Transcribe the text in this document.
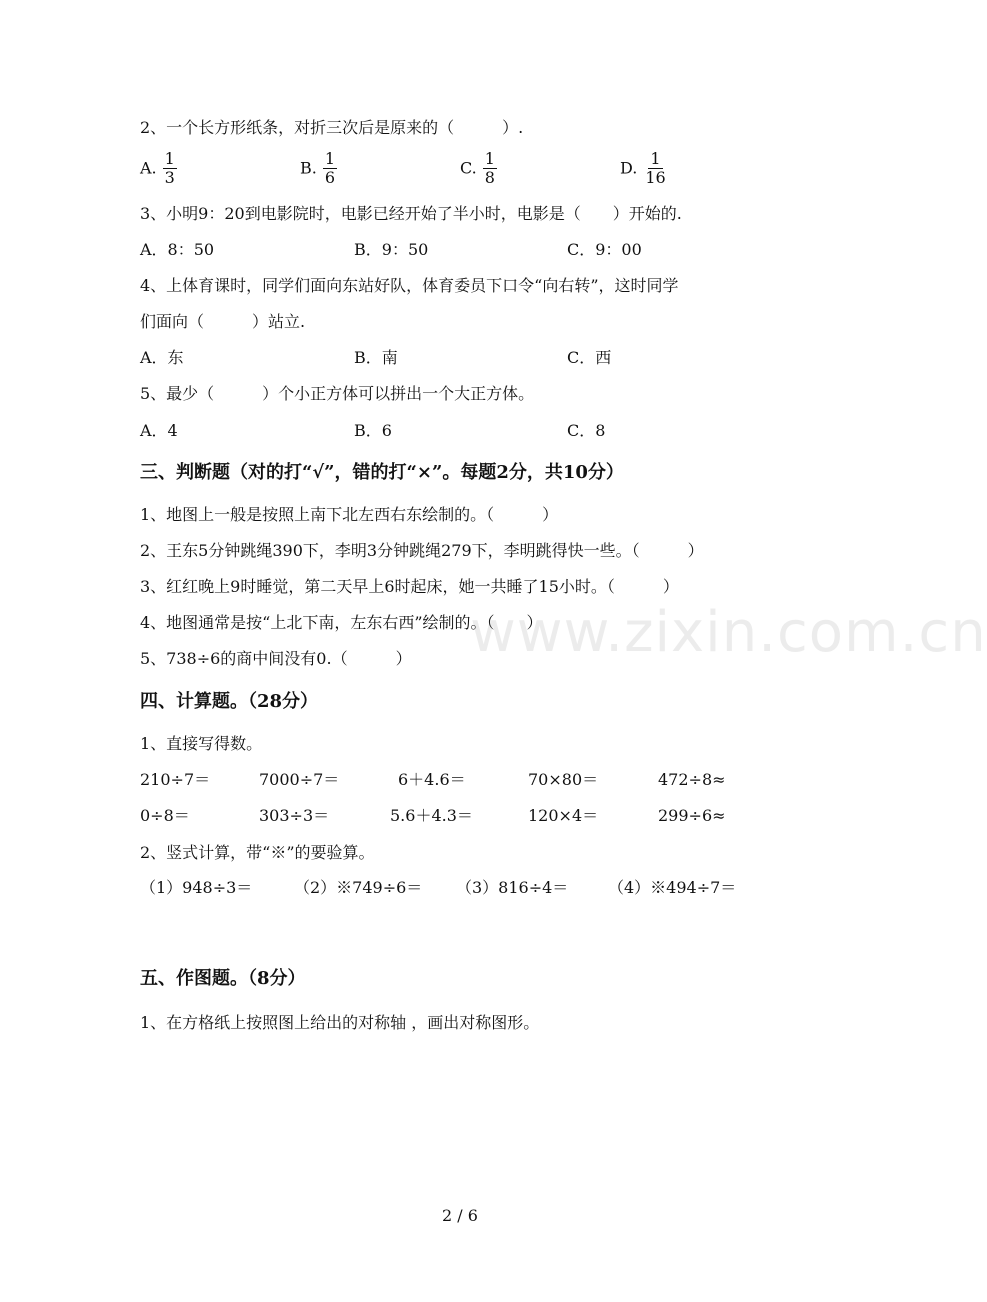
2、一个长方形纸条，对折三次后是原来的（　　　）.
A. $\frac{1}{3}$	B. $\frac{1}{6}$	C. $\frac{1}{8}$	D. $\frac{1}{16}$
3、小明9：20到电影院时，电影已经开始了半小时，电影是（　　）开始的.
A．8：50	B．9：50	C．9：00
4、上体育课时，同学们面向东站好队，体育委员下口令“向右转”，这时同学
们面向（　　　）站立.
A．东	B．南	C．西
5、最少（　　　）个小正方体可以拼出一个大正方体。
A．4	B．6	C．8
三、判断题（对的打“√”，错的打“×”。每题2分，共10分）
1、地图上一般是按照上南下北左西右东绘制的。（　　　）
2、王东5分钟跳绳390下，李明3分钟跳绳279下，李明跳得快一些。（　　　）
3、红红晚上9时睡觉，第二天早上6时起床，她一共睡了15小时。（　　　）
4、地图通常是按“上北下南，左东右西”绘制的。（　　）
5、738÷6的商中间没有0.（　　　）
四、计算题。（28分）
1、直接写得数。
210÷7＝	7000÷7＝	6＋4.6＝	70×80＝	472÷8≈
0÷8＝	303÷3＝	5.6＋4.3＝	120×4＝	299÷6≈
2、竖式计算，带“※”的要验算。
（1）948÷3＝	（2）※749÷6＝ （3）816÷4＝ （4）※494÷7＝
五、作图题。（8分）
1、在方格纸上按照图上给出的对称轴 ，画出对称图形。
www.zixin.com.cn
2 / 6
